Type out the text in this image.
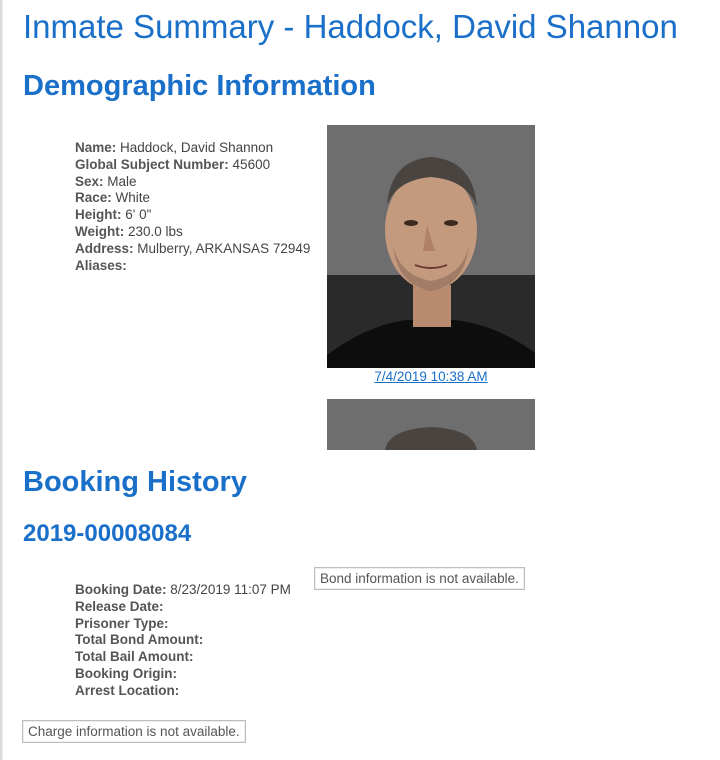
Inmate Summary - Haddock, David Shannon
Demographic Information
Name: Haddock, David Shannon
Global Subject Number: 45600
Sex: Male
Race: White
Height: 6' 0"
Weight: 230.0 lbs
Address: Mulberry, ARKANSAS 72949
Aliases:
7/4/2019 10:38 AM
Booking History
2019-00008084
Booking Date: 8/23/2019 11:07 PM
Release Date:
Prisoner Type:
Total Bond Amount:
Total Bail Amount:
Booking Origin:
Arrest Location:
Bond information is not available.
Charge information is not available.
